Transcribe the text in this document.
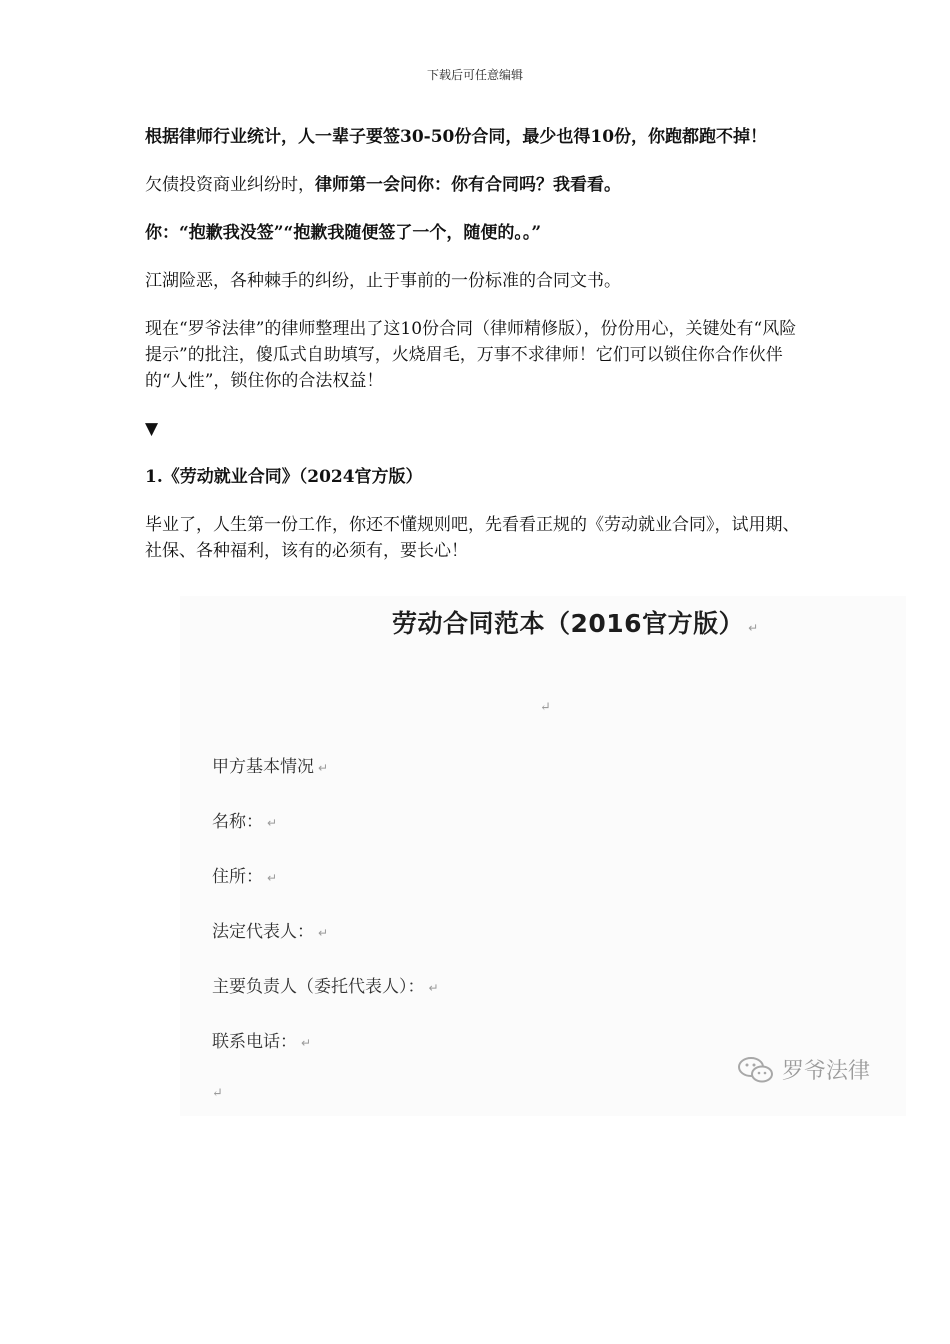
下载后可任意编辑

根据律师行业统计，人一辈子要签30-50份合同，最少也得10份，你跑都跑不掉！

欠债投资商业纠纷时，律师第一会问你：你有合同吗？我看看。

你：“抱歉我没签”“抱歉我随便签了一个，随便的。。”

江湖险恶，各种棘手的纠纷，止于事前的一份标准的合同文书。

现在“罗爷法律”的律师整理出了这10份合同（律师精修版），份份用心，关键处有“风险提示”的批注，傻瓜式自助填写，火烧眉毛，万事不求律师！它们可以锁住你合作伙伴的“人性”，锁住你的合法权益！

▼

1.《劳动就业合同》（2024官方版）

毕业了，人生第一份工作，你还不懂规则吧，先看看正规的《劳动就业合同》，试用期、社保、各种福利，该有的必须有，要长心！

劳动合同范本（2016官方版） ↵
↵
甲方基本情况 ↵
名称： ↵
住所： ↵
法定代表人： ↵
主要负责人（委托代表人）： ↵
联系电话： ↵
↵
罗爷法律
